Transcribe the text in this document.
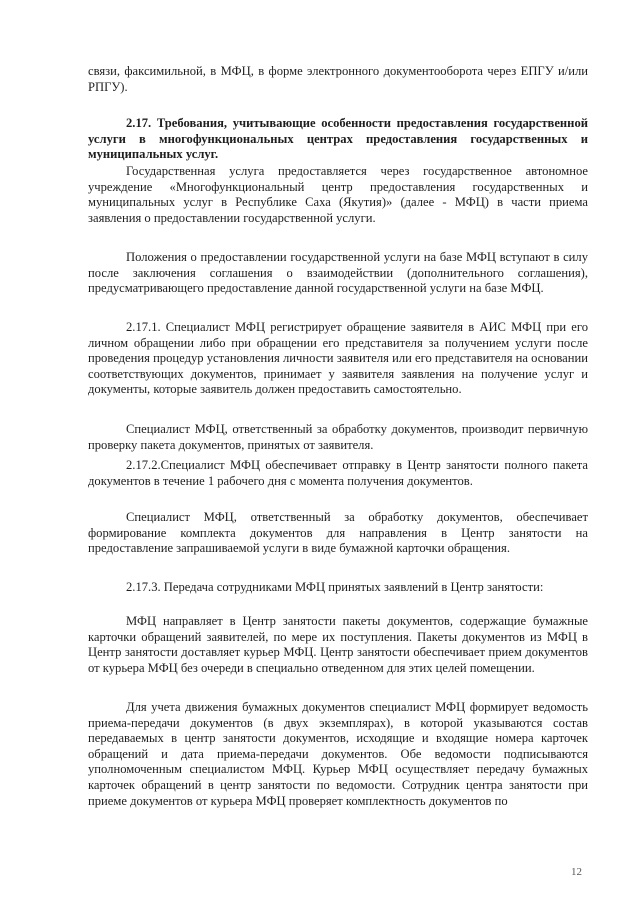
связи, факсимильной, в МФЦ, в форме электронного документооборота через ЕПГУ и/или РПГУ).

2.17. Требования, учитывающие особенности предоставления государственной услуги в многофункциональных центрах предоставления государственных и муниципальных услуг.

Государственная услуга предоставляется через государственное автономное учреждение «Многофункциональный центр предоставления государственных и муниципальных услуг в Республике Саха (Якутия)» (далее - МФЦ) в части приема заявления о предоставлении государственной услуги.

Положения о предоставлении государственной услуги на базе МФЦ вступают в силу после заключения соглашения о взаимодействии (дополнительного соглашения), предусматривающего предоставление данной государственной услуги на базе МФЦ.

2.17.1. Специалист МФЦ регистрирует обращение заявителя в АИС МФЦ при его личном обращении либо при обращении его представителя за получением услуги после проведения процедур установления личности заявителя или его представителя на основании соответствующих документов, принимает у заявителя заявления на получение услуг и документы, которые заявитель должен предоставить самостоятельно.

Специалист МФЦ, ответственный за обработку документов, производит первичную проверку пакета документов, принятых от заявителя.

2.17.2.Специалист МФЦ обеспечивает отправку в Центр занятости полного пакета документов в течение 1 рабочего дня с момента получения документов.

Специалист МФЦ, ответственный за обработку документов, обеспечивает формирование комплекта документов для направления в Центр занятости на предоставление запрашиваемой услуги в виде бумажной карточки обращения.

2.17.3. Передача сотрудниками МФЦ принятых заявлений в Центр занятости:

МФЦ направляет в Центр занятости пакеты документов, содержащие бумажные карточки обращений заявителей, по мере их поступления. Пакеты документов из МФЦ в Центр занятости доставляет курьер МФЦ. Центр занятости обеспечивает прием документов от курьера МФЦ без очереди в специально отведенном для этих целей помещении.

Для учета движения бумажных документов специалист МФЦ формирует ведомость приема-передачи документов (в двух экземплярах), в которой указываются состав передаваемых в центр занятости документов, исходящие и входящие номера карточек обращений и дата приема-передачи документов. Обе ведомости подписываются уполномоченным специалистом МФЦ. Курьер МФЦ осуществляет передачу бумажных карточек обращений в центр занятости по ведомости. Сотрудник центра занятости при приеме документов от курьера МФЦ проверяет комплектность документов по

12
